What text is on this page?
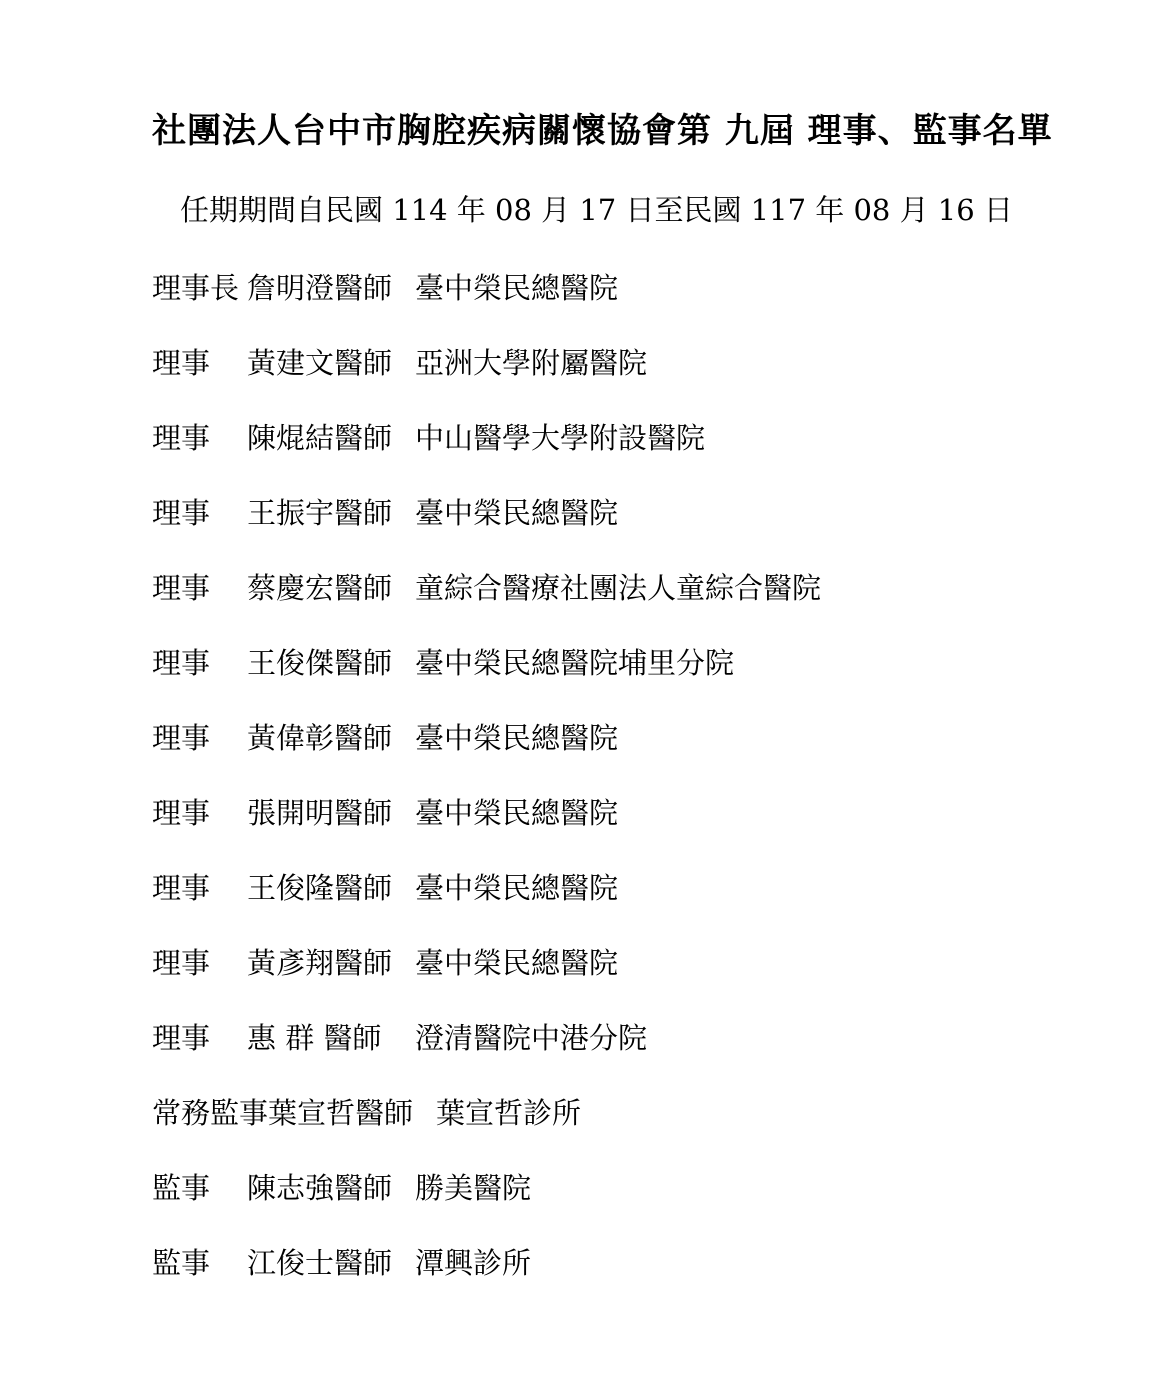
社團法人台中市胸腔疾病關懷協會第 九屆 理事、監事名單

任期期間自民國 114 年 08 月 17 日至民國 117 年 08 月 16 日

理事長 詹明澄醫師 臺中榮民總醫院
理事	黃建文醫師 亞洲大學附屬醫院
理事	陳焜結醫師 中山醫學大學附設醫院
理事	王振宇醫師 臺中榮民總醫院
理事	蔡慶宏醫師 童綜合醫療社團法人童綜合醫院
理事	王俊傑醫師 臺中榮民總醫院埔里分院
理事	黃偉彰醫師 臺中榮民總醫院
理事	張開明醫師 臺中榮民總醫院
理事	王俊隆醫師 臺中榮民總醫院
理事	黃彥翔醫師 臺中榮民總醫院
理事	惠 群 醫師	澄清醫院中港分院
常務監事 葉宣哲醫師 葉宣哲診所
監事	陳志強醫師 勝美醫院
監事	江俊士醫師 潭興診所
